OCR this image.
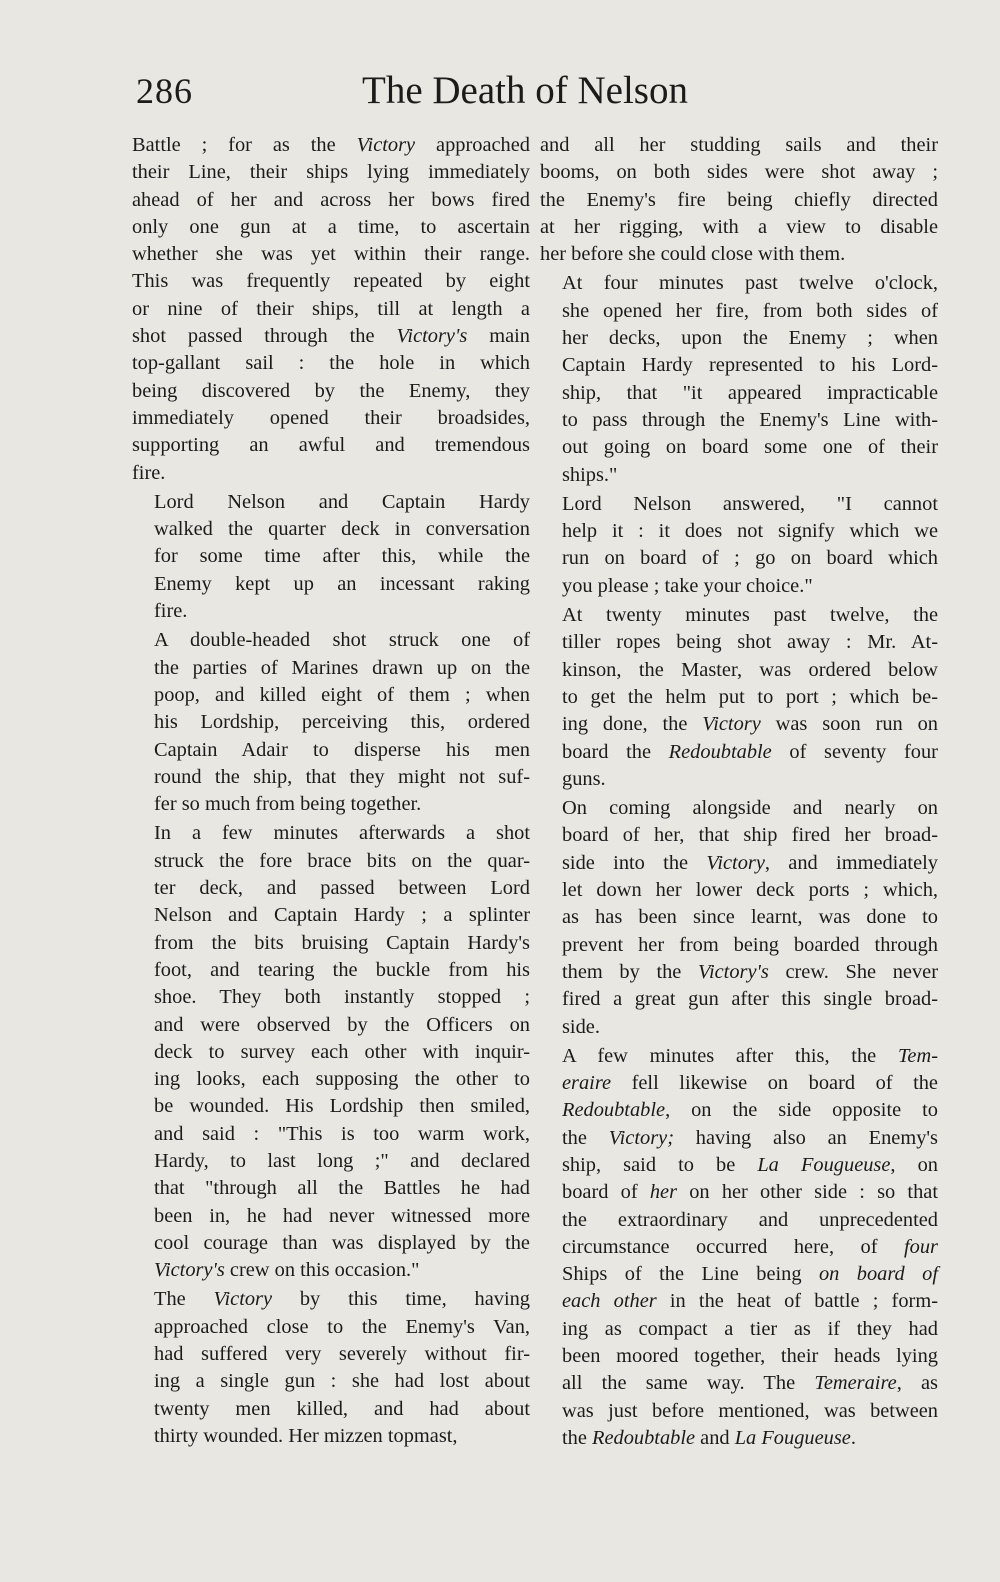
286	The Death of Nelson

Battle ; for as the Victory approached
their Line, their ships lying immediately
ahead of her and across her bows fired
only one gun at a time, to ascertain
whether she was yet within their range.
This was frequently repeated by eight
or nine of their ships, till at length a
shot passed through the Victory's main
top-gallant sail : the hole in which
being discovered by the Enemy, they
immediately opened their broadsides,
supporting an awful and tremendous
fire.

Lord Nelson and Captain Hardy
walked the quarter deck in conversation
for some time after this, while the
Enemy kept up an incessant raking
fire.

A double-headed shot struck one of
the parties of Marines drawn up on the
poop, and killed eight of them ; when
his Lordship, perceiving this, ordered
Captain Adair to disperse his men
round the ship, that they might not suf-
fer so much from being together.

In a few minutes afterwards a shot
struck the fore brace bits on the quar-
ter deck, and passed between Lord
Nelson and Captain Hardy ; a splinter
from the bits bruising Captain Hardy's
foot, and tearing the buckle from his
shoe. They both instantly stopped ;
and were observed by the Officers on
deck to survey each other with inquir-
ing looks, each supposing the other to
be wounded. His Lordship then smiled,
and said : "This is too warm work,
Hardy, to last long ;" and declared
that "through all the Battles he had
been in, he had never witnessed more
cool courage than was displayed by the
Victory's crew on this occasion."

The Victory by this time, having
approached close to the Enemy's Van,
had suffered very severely without fir-
ing a single gun : she had lost about
twenty men killed, and had about
thirty wounded. Her mizzen topmast,

and all her studding sails and their
booms, on both sides were shot away ;
the Enemy's fire being chiefly directed
at her rigging, with a view to disable
her before she could close with them.

At four minutes past twelve o'clock,
she opened her fire, from both sides of
her decks, upon the Enemy ; when
Captain Hardy represented to his Lord-
ship, that "it appeared impracticable
to pass through the Enemy's Line with-
out going on board some one of their
ships."

Lord Nelson answered, "I cannot
help it : it does not signify which we
run on board of ; go on board which
you please ; take your choice."

At twenty minutes past twelve, the
tiller ropes being shot away : Mr. At-
kinson, the Master, was ordered below
to get the helm put to port ; which be-
ing done, the Victory was soon run on
board the Redoubtable of seventy four
guns.

On coming alongside and nearly on
board of her, that ship fired her broad-
side into the Victory, and immediately
let down her lower deck ports ; which,
as has been since learnt, was done to
prevent her from being boarded through
them by the Victory's crew. She never
fired a great gun after this single broad-
side.

A few minutes after this, the Tem-
eraire fell likewise on board of the
Redoubtable, on the side opposite to
the Victory; having also an Enemy's
ship, said to be La Fougueuse, on
board of her on her other side : so that
the extraordinary and unprecedented
circumstance occurred here, of four
Ships of the Line being on board of
each other in the heat of battle ; form-
ing as compact a tier as if they had
been moored together, their heads lying
all the same way. The Temeraire, as
was just before mentioned, was between
the Redoubtable and La Fougueuse.
